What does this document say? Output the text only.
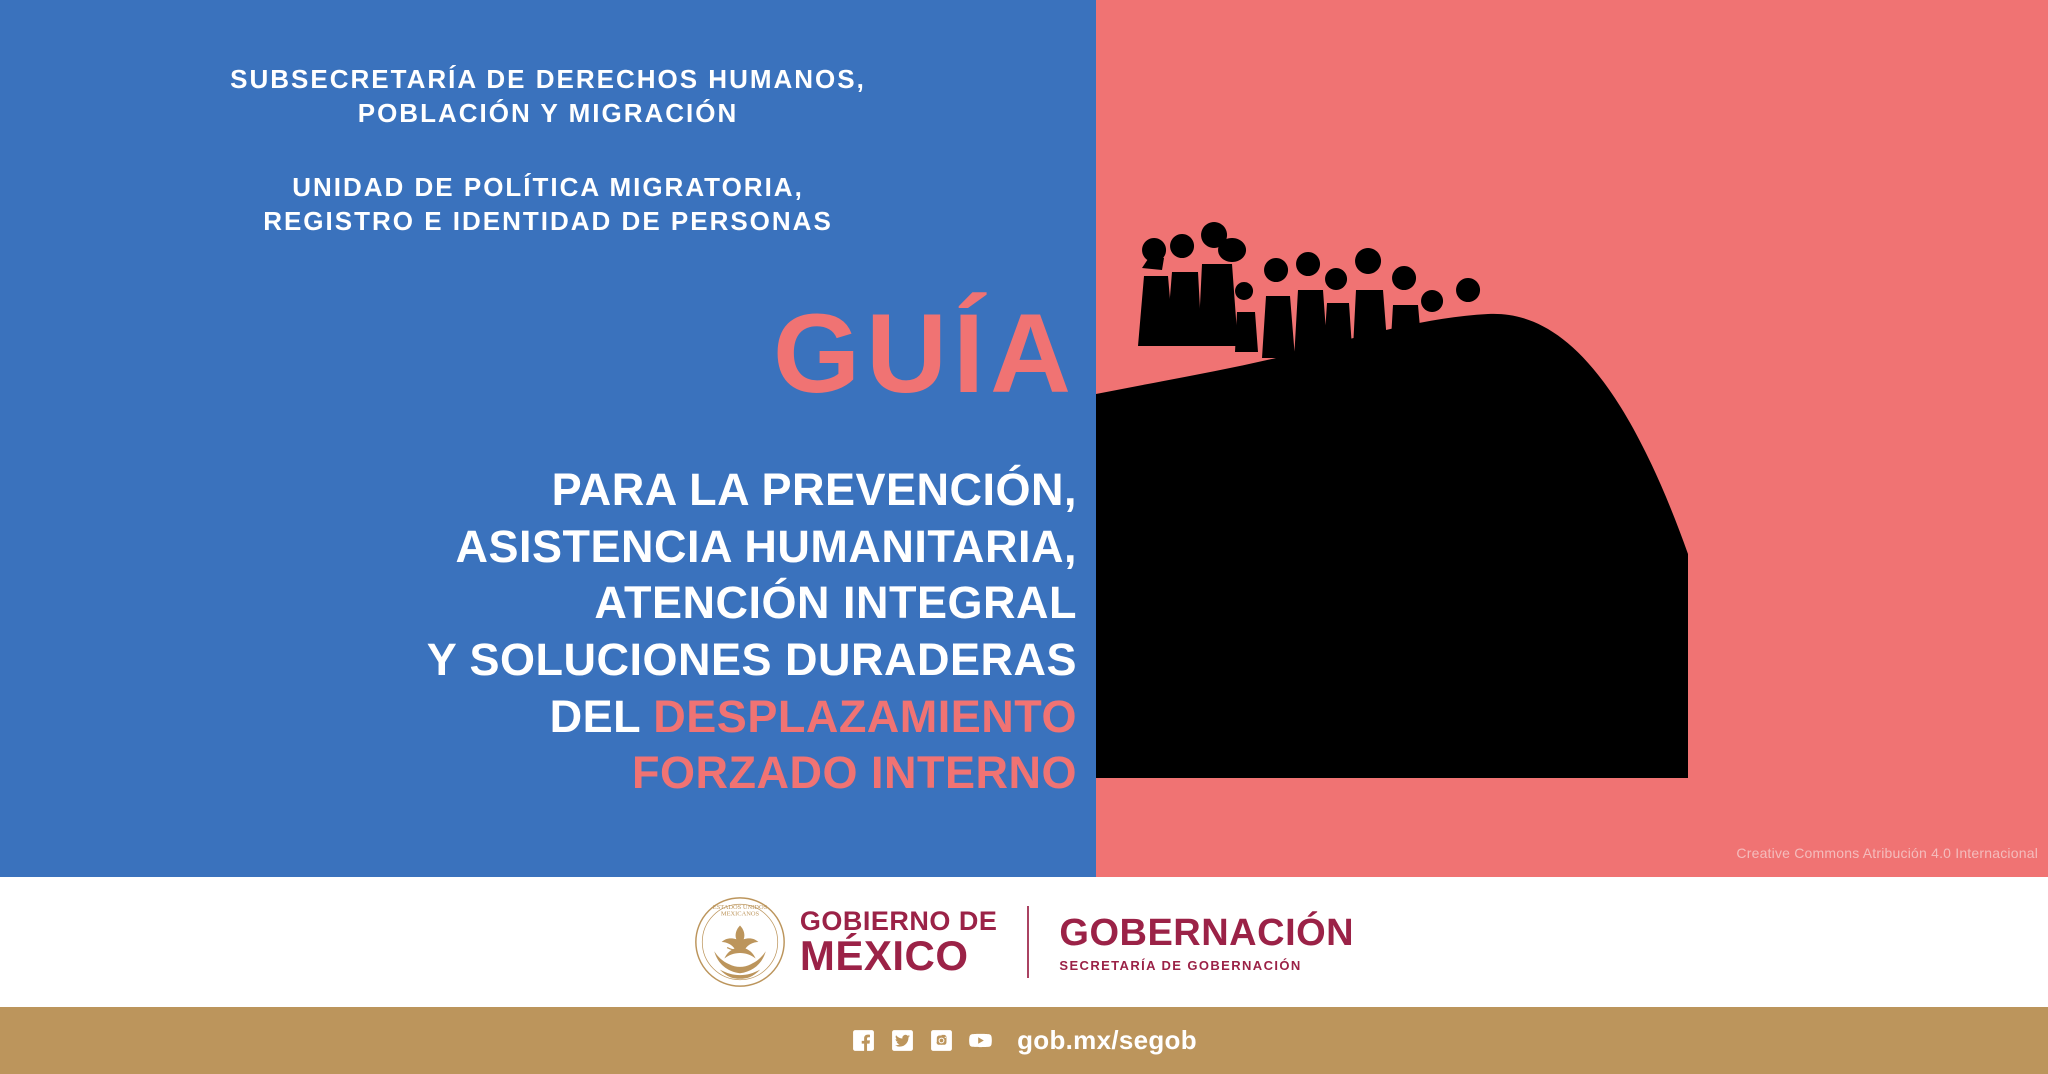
SUBSECRETARÍA DE DERECHOS HUMANOS,
POBLACIÓN Y MIGRACIÓN
UNIDAD DE POLÍTICA MIGRATORIA,
REGISTRO E IDENTIDAD DE PERSONAS
GUÍA
PARA LA PREVENCIÓN,
ASISTENCIA HUMANITARIA,
ATENCIÓN INTEGRAL
Y SOLUCIONES DURADERAS
DEL DESPLAZAMIENTO
FORZADO INTERNO
Creative Commons Atribución 4.0 Internacional
ESTADOS UNIDOS
MEXICANOS GOBIERNO DE
MÉXICO	GOBERNACIÓN
SECRETARÍA DE GOBERNACIÓN
gob.mx/segob
